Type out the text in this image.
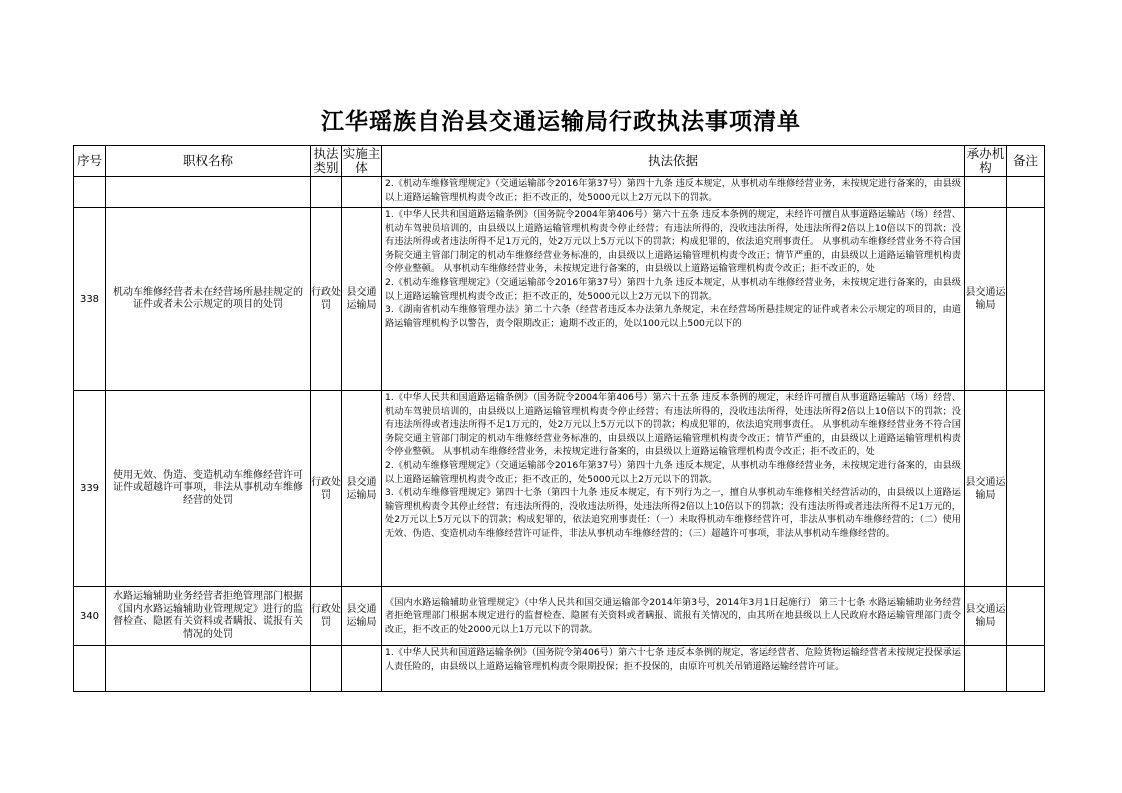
江华瑶族自治县交通运输局行政执法事项清单
序号	职权名称	执法类别	实施主体	执法依据	承办机构	备注

				2.《机动车维修管理规定》（交通运输部令2016年第37号）第四十九条 违反本规定，从事机动车维修经营业务，未按规定进行备案的，由县级以上道路运输管理机构责令改正；拒不改正的，处5000元以上2万元以下的罚款。		

338	机动车维修经营者未在经营场所悬挂规定的证件或者未公示规定的项目的处罚	行政处罚	县交通运输局	1.《中华人民共和国道路运输条例》（国务院令2004年第406号）第六十五条 违反本条例的规定，未经许可擅自从事道路运输站（场）经营、机动车驾驶员培训的，由县级以上道路运输管理机构责令停止经营；有违法所得的，没收违法所得，处违法所得2倍以上10倍以下的罚款；没有违法所得或者违法所得不足1万元的，处2万元以上5万元以下的罚款；构成犯罪的，依法追究刑事责任。 从事机动车维修经营业务不符合国务院交通主管部门制定的机动车维修经营业务标准的，由县级以上道路运输管理机构责令改正；情节严重的，由县级以上道路运输管理机构责令停业整顿。 从事机动车维修经营业务，未按规定进行备案的，由县级以上道路运输管理机构责令改正；拒不改正的，处

2.《机动车维修管理规定》（交通运输部令2016年第37号）第四十九条 违反本规定，从事机动车维修经营业务，未按规定进行备案的，由县级以上道路运输管理机构责令改正；拒不改正的，处5000元以上2万元以下的罚款。

3.《湖南省机动车维修管理办法》第二十六条（经营者违反本办法第九条规定，未在经营场所悬挂规定的证件或者未公示规定的项目的，由道路运输管理机构予以警告，责令限期改正；逾期不改正的，处以100元以上500元以下的	县交通运输局	
339	使用无效、伪造、变造机动车维修经营许可证件或超越许可事项，非法从事机动车维修经营的处罚	行政处罚	县交通运输局	1.《中华人民共和国道路运输条例》（国务院令2004年第406号）第六十五条 违反本条例的规定，未经许可擅自从事道路运输站（场）经营、机动车驾驶员培训的，由县级以上道路运输管理机构责令停止经营；有违法所得的，没收违法所得，处违法所得2倍以上10倍以下的罚款；没有违法所得或者违法所得不足1万元的，处2万元以上5万元以下的罚款；构成犯罪的，依法追究刑事责任。 从事机动车维修经营业务不符合国务院交通主管部门制定的机动车维修经营业务标准的，由县级以上道路运输管理机构责令改正；情节严重的，由县级以上道路运输管理机构责令停业整顿。 从事机动车维修经营业务，未按规定进行备案的，由县级以上道路运输管理机构责令改正；拒不改正的，处

2.《机动车维修管理规定》（交通运输部令2016年第37号）第四十九条 违反本规定，从事机动车维修经营业务，未按规定进行备案的，由县级以上道路运输管理机构责令改正；拒不改正的，处5000元以上2万元以下的罚款。

3.《机动车维修管理规定》第四十七条（第四十九条 违反本规定，有下列行为之一，擅自从事机动车维修相关经营活动的，由县级以上道路运输管理机构责令其停止经营；有违法所得的，没收违法所得，处违法所得2倍以上10倍以下的罚款；没有违法所得或者违法所得不足1万元的，处2万元以上5万元以下的罚款；构成犯罪的，依法追究刑事责任：（一）未取得机动车维修经营许可，非法从事机动车维修经营的；（二）使用无效、伪造、变造机动车维修经营许可证件，非法从事机动车维修经营的；（三）超越许可事项，非法从事机动车维修经营的。	县交通运输局	
340	水路运输辅助业务经营者拒绝管理部门根据《国内水路运输辅助业管理规定》进行的监督检查、隐匿有关资料或者瞒报、谎报有关情况的处罚	行政处罚	县交通运输局	《国内水路运输辅助业管理规定》（中华人民共和国交通运输部令2014年第3号，2014年3月1日起施行） 第三十七条 水路运输辅助业务经营者拒绝管理部门根据本规定进行的监督检查、隐匿有关资料或者瞒报、谎报有关情况的，由其所在地县级以上人民政府水路运输管理部门责令改正，拒不改正的处2000元以上1万元以下的罚款。	县交通运输局	

				1.《中华人民共和国道路运输条例》（国务院令第406号）第六十七条 违反本条例的规定，客运经营者、危险货物运输经营者未按规定投保承运人责任险的，由县级以上道路运输管理机构责令限期投保；拒不投保的，由原许可机关吊销道路运输经营许可证。		
